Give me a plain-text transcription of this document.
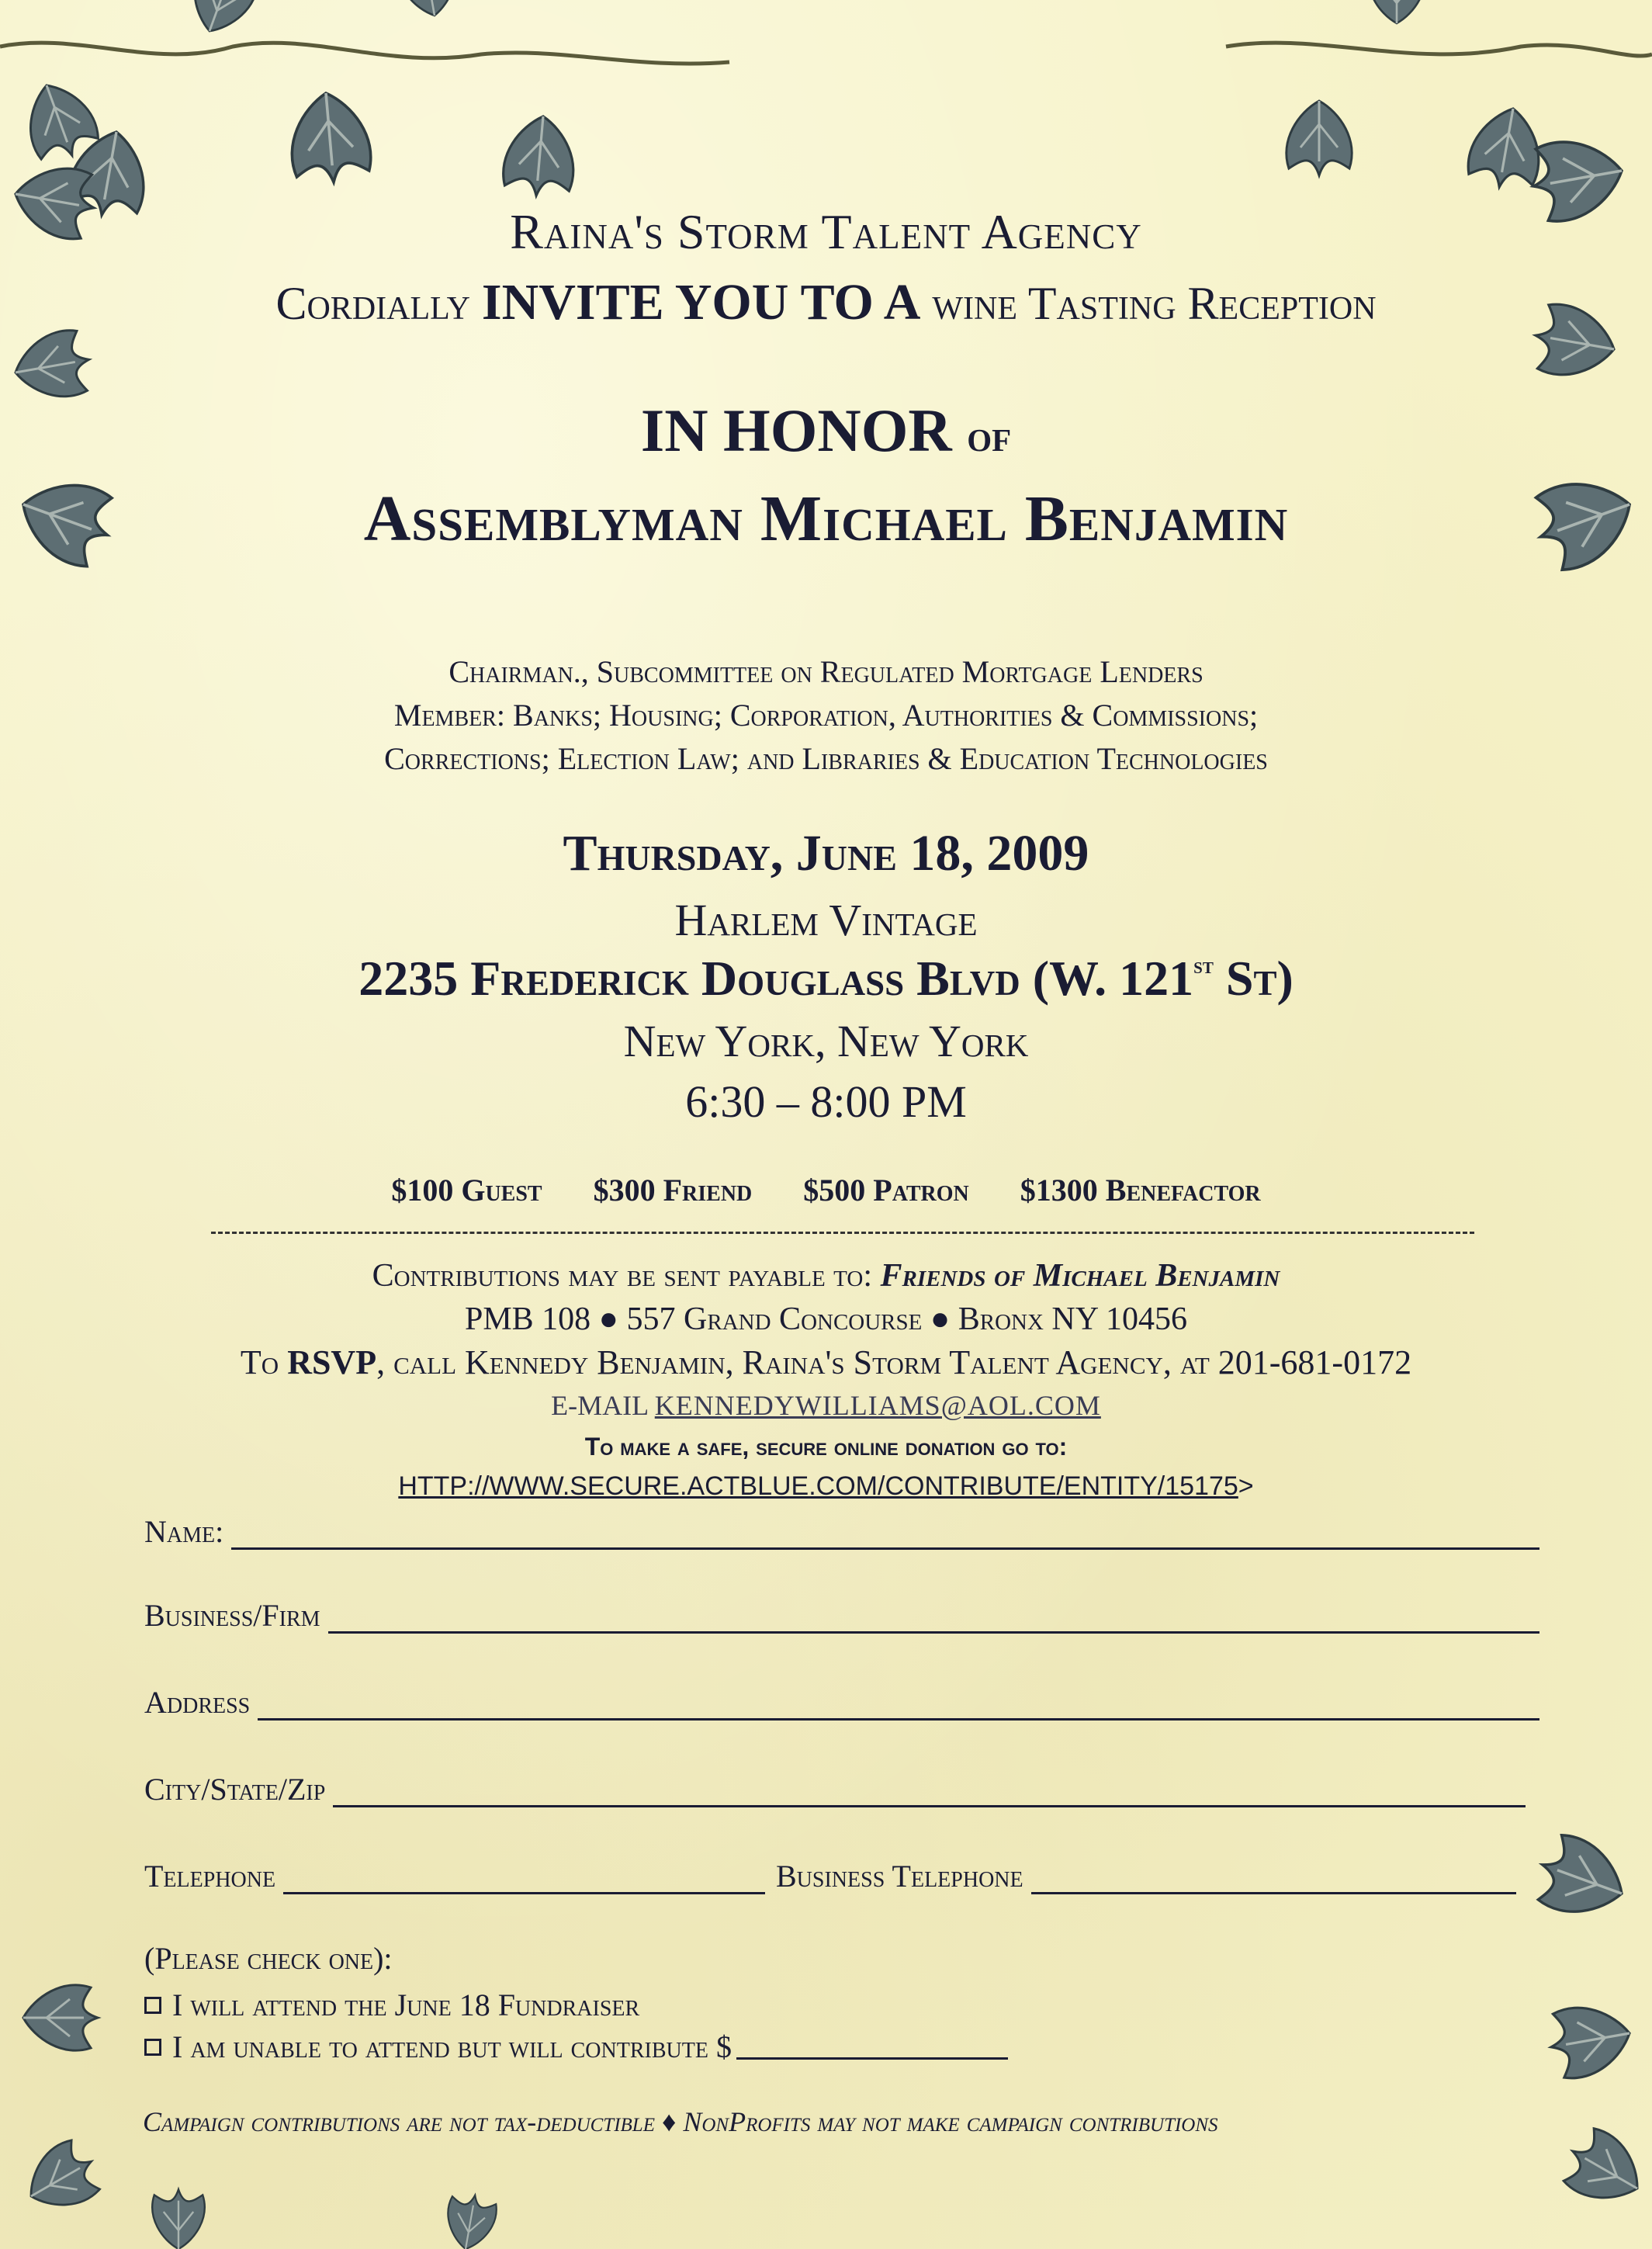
Raina's Storm Talent Agency
Cordially INVITE YOU TO A wine Tasting Reception
IN HONOR of
Assemblyman Michael Benjamin
Chairman., Subcommittee on Regulated Mortgage Lenders
Member: Banks; Housing; Corporation, Authorities & Commissions;
Corrections; Election Law; and Libraries & Education Technologies
Thursday, June 18, 2009
Harlem Vintage
2235 Frederick Douglass Blvd (W. 121st St)
New York, New York
6:30 – 8:00 PM
$100 Guest $300 Friend $500 Patron $1300 Benefactor
Contributions may be sent payable to: Friends of Michael Benjamin
PMB 108 ● 557 Grand Concourse ● Bronx NY 10456
To RSVP, call Kennedy Benjamin, Raina's Storm Talent Agency, at 201-681-0172
E-MAIL KENNEDYWILLIAMS@AOL.COM
To make a safe, secure online donation go to:
HTTP://WWW.SECURE.ACTBLUE.COM/CONTRIBUTE/ENTITY/15175>
Name:
Business/Firm
Address
City/State/Zip
Telephone	Business Telephone
(Please check one):
I will attend the June 18 Fundraiser
I am unable to attend but will contribute $
Campaign contributions are not tax-deductible ♦ NonProfits may not make campaign contributions
